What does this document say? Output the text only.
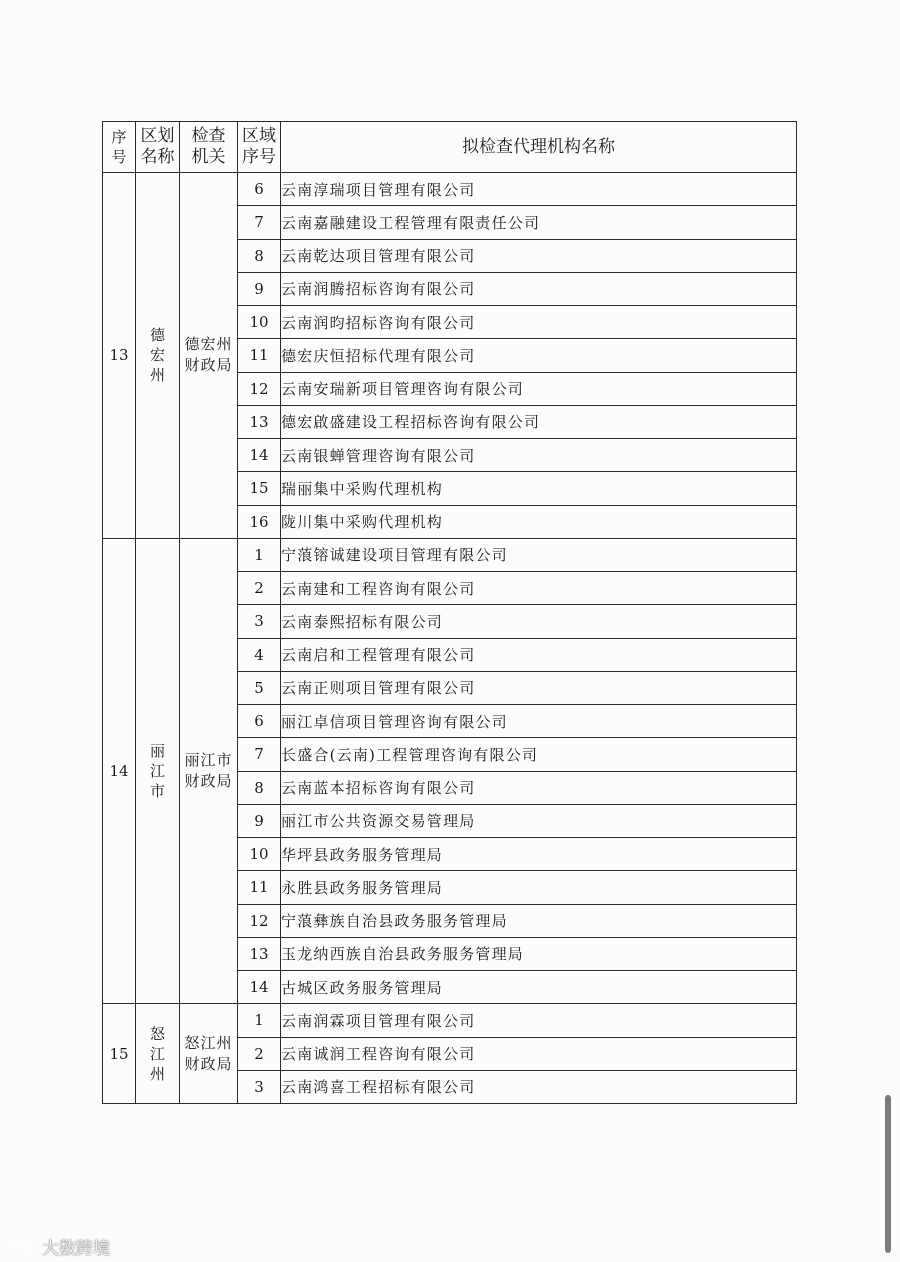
序号	区划名称	检查机关	区域序号	拟检查代理机构名称
13	德宏州	德宏州财政局	6	云南淳瑞项目管理有限公司
			7	云南嘉融建设工程管理有限责任公司
			8	云南乾达项目管理有限公司
			9	云南润腾招标咨询有限公司
			10	云南润昀招标咨询有限公司
			11	德宏庆恒招标代理有限公司
			12	云南安瑞新项目管理咨询有限公司
			13	德宏啟盛建设工程招标咨询有限公司
			14	云南银蝉管理咨询有限公司
			15	瑞丽集中采购代理机构
			16	陇川集中采购代理机构
14	丽江市	丽江市财政局	1	宁蒗镕诚建设项目管理有限公司
			2	云南建和工程咨询有限公司
			3	云南泰熙招标有限公司
			4	云南启和工程管理有限公司
			5	云南正则项目管理有限公司
			6	丽江卓信项目管理咨询有限公司
			7	长盛合(云南)工程管理咨询有限公司
			8	云南蓝本招标咨询有限公司
			9	丽江市公共资源交易管理局
			10	华坪县政务服务管理局
			11	永胜县政务服务管理局
			12	宁蒗彝族自治县政务服务管理局
			13	玉龙纳西族自治县政务服务管理局
			14	古城区政务服务管理局
15	怒江州	怒江州财政局	1	云南润霖项目管理有限公司
			2	云南诚润工程咨询有限公司
			3	云南鸿喜工程招标有限公司
大数跨境
